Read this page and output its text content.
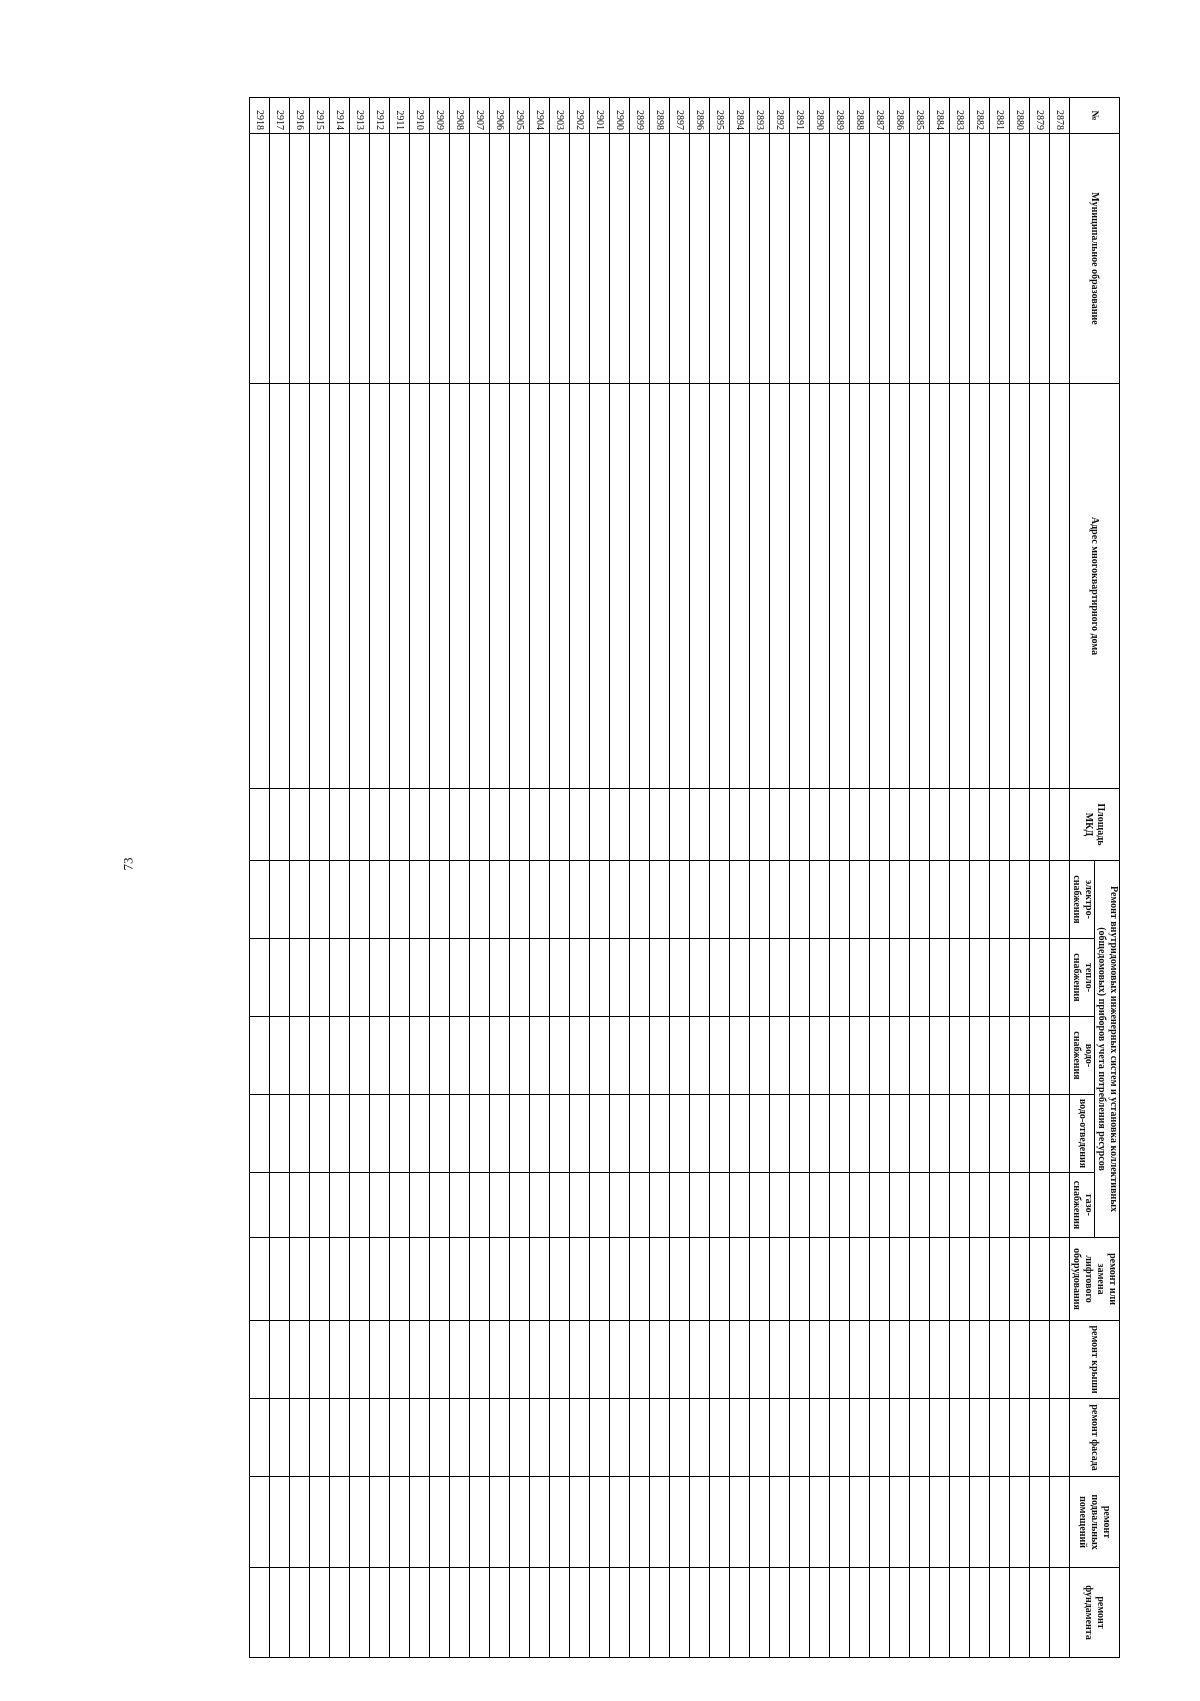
73
№	Муниципальное образование	Адрес многоквартирного дома	Площадь МКД	Ремонт внутридомовых инженерных систем и установка коллективных (общедомовых) приборов учета потребления ресурсов					ремонт или замена лифтового оборудования	ремонт крыши	ремонт фасада	ремонт подвальных помещений	ремонт фундамента
				электро-снабжения	тепло-снабжения	водо-снабжения	водо-отведения	газо-снабжения					
2878													
2879													
2880													
2881													
2882													
2883													
2884													
2885													
2886													
2887													
2888													
2889													
2890													
2891													
2892													
2893													
2894													
2895													
2896													
2897													
2898													
2899													
2900													
2901													
2902													
2903													
2904													
2905													
2906													
2907													
2908													
2909													
2910													
2911													
2912													
2913													
2914													
2915													
2916													
2917													
2918													
